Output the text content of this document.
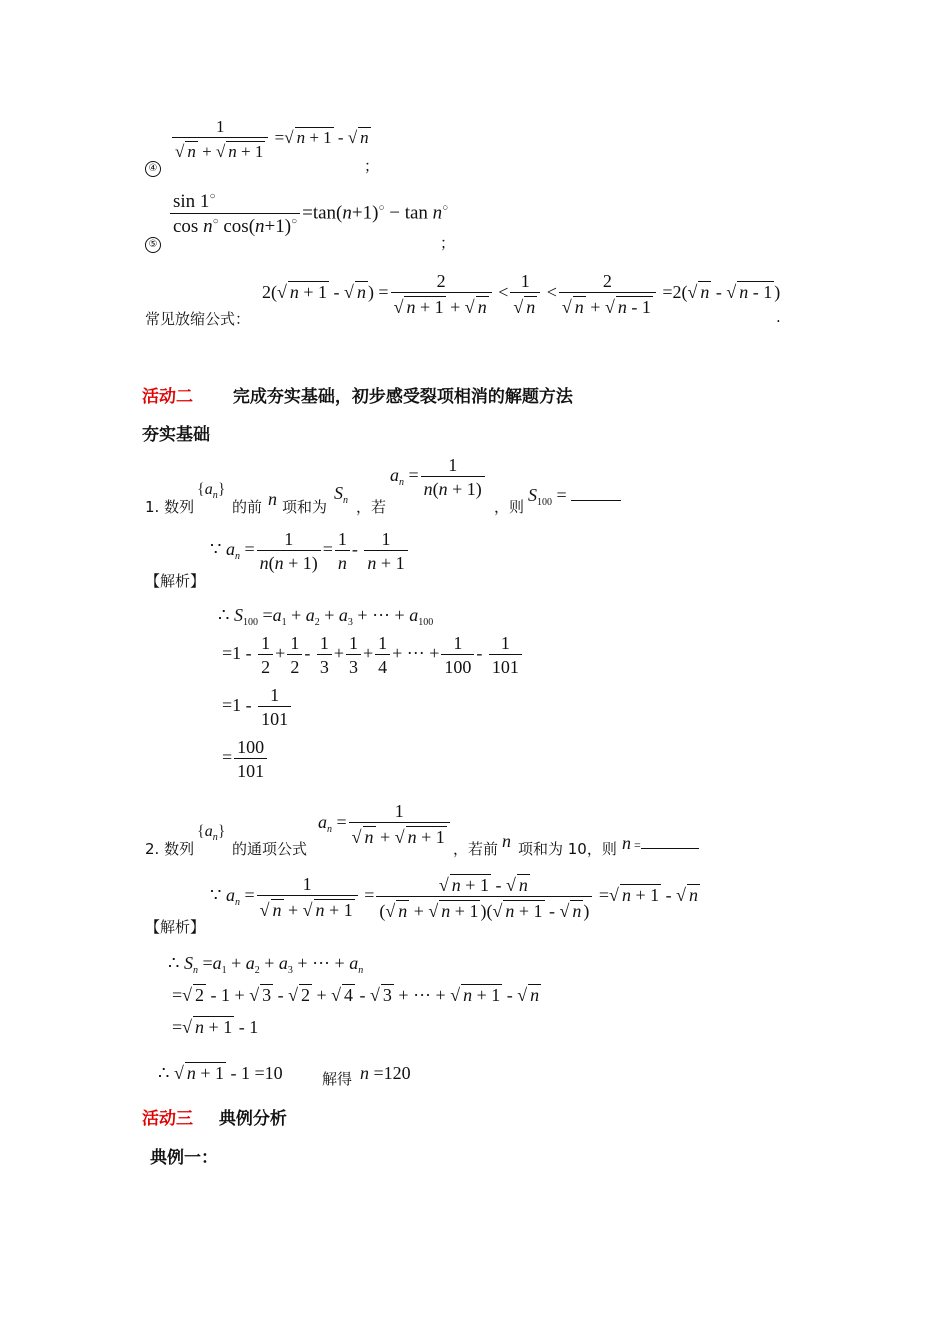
④
$\frac{1}{√ n + √ n + 1}$ =√ n + 1 - √ n
；
⑤
$\frac{\sin 1^○}{\cos n^○ \cos(n+1)^○} =\tan(n+1)^○ - \tan n^○$
；
常见放缩公式：
2(√ n + 1 - √ n ) = $\frac{2}{√ n + 1 + √ n} < \frac{1}{√ n} < \frac{2}{√ n + √ n - 1} =2(√$ n - √ n - 1 )
.
活动二 完成夯实基础，初步感受裂项相消的解题方法
夯实基础
1. 数列
$\{a_n\}$
的前 n 项和为
$S_n$ ，若
$a_n = \frac{1}{n(n + 1)}$
，则
$S_{100}$ =
【解析】
∵ $a_n = \frac{1}{n(n + 1)} = \frac{1}{n} - \frac{1}{n + 1}$
∴ $S_{100} =a_1 + a_2 + a_3$ + ··· + $a_{100}$
$=1 - \frac{1}{2} + \frac{1}{2} - \frac{1}{3} + \frac{1}{3} + \frac{1}{4}$ + ··· + $\frac{1}{100} - \frac{1}{101}$
$=1 - \frac{1}{101}$
= $\frac{100}{101}$
2. 数列
$\{a_n\}$
的通项公式
$a_n = \frac{1}{√ n + √ n + 1}$
，若前 n 项和为 10，则 n =
【解析】
∵ $a_n = \frac{1}{√ n + √ n + 1} = \frac{√ n + 1 - √ n}{(√ n + √ n + 1 )(√ n + 1 - √ n )}$ =√ n + 1 - √ n
∴ $S_n =a_1 + a_2 + a_3$ + ··· + $a_n$
=√ 2 - 1 + √ 3 - √ 2 + √ 4 - √ 3 + ··· + √ n + 1 - √ n
=√ n + 1 - 1
∴ √ n + 1 - 1 =10	解得 n =120
活动三 典例分析
典例一：
